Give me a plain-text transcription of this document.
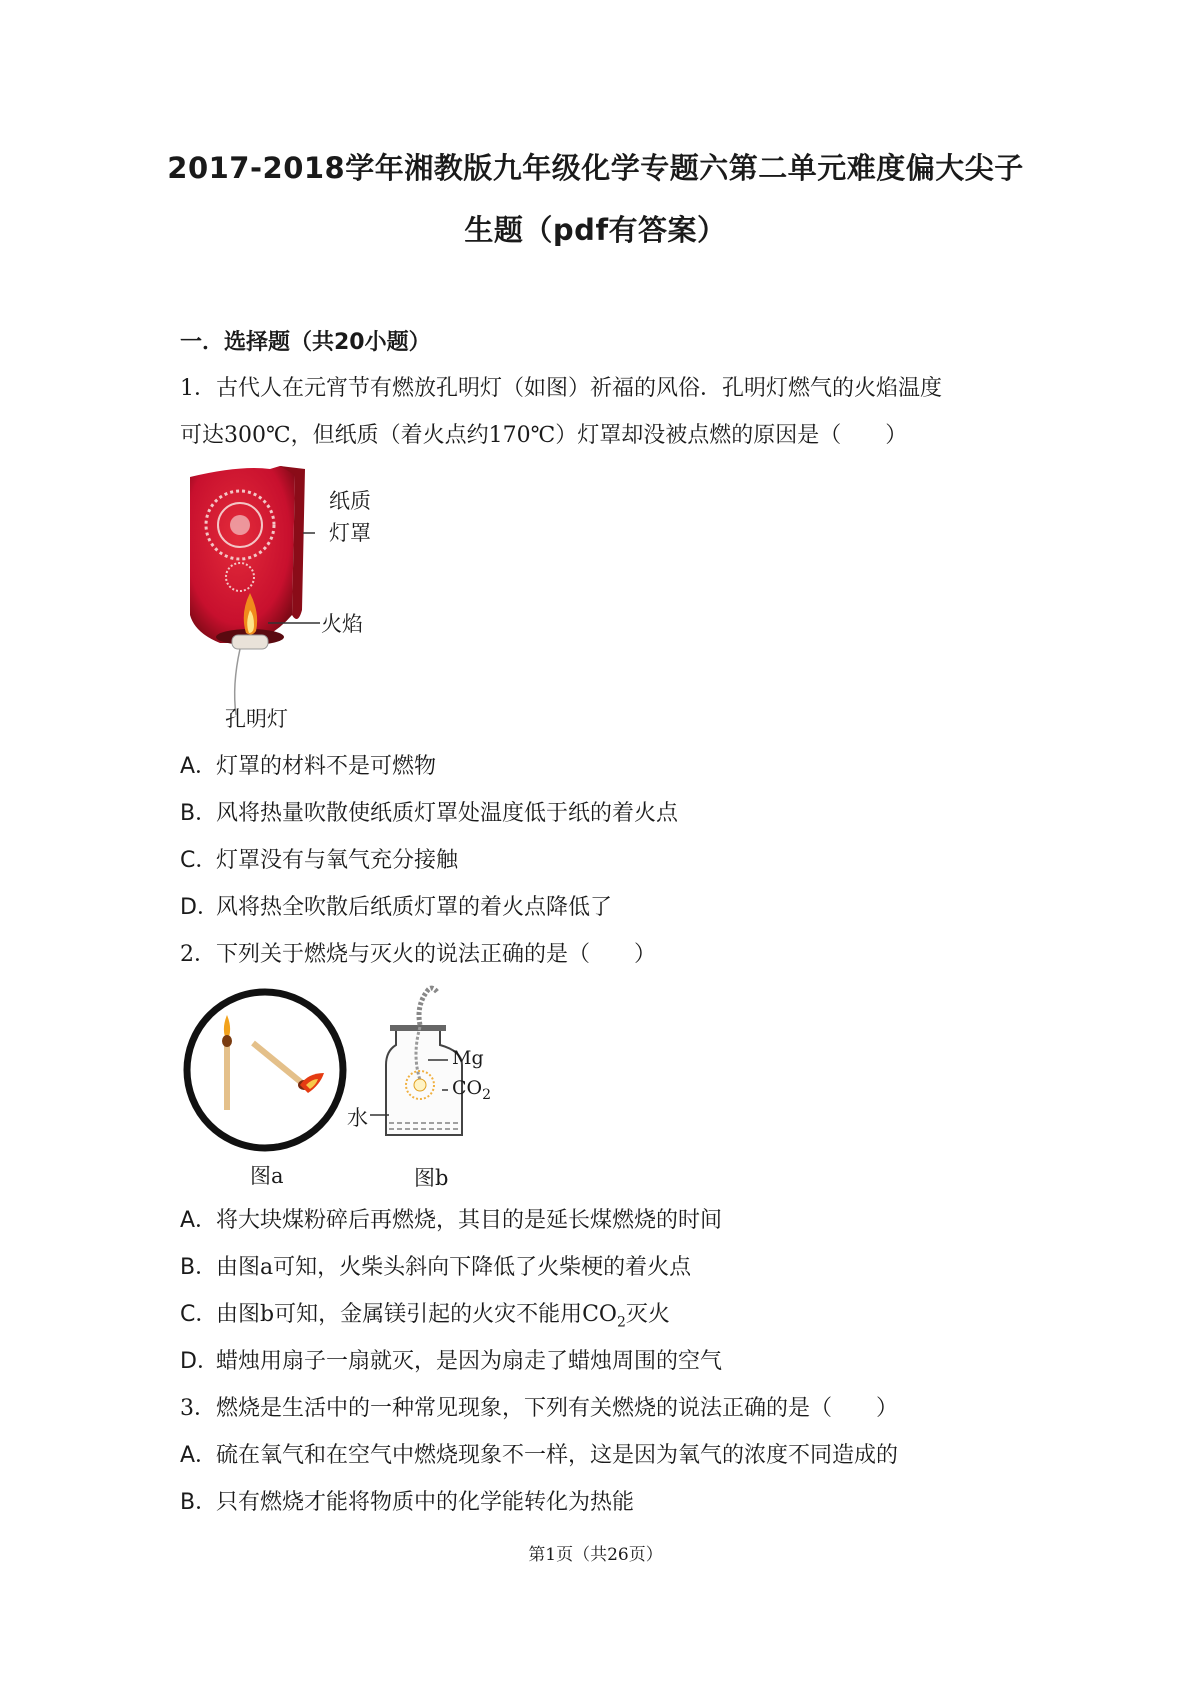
2017-2018学年湘教版九年级化学专题六第二单元难度偏大尖子
生题（pdf有答案）
一．选择题（共20小题）
1．古代人在元宵节有燃放孔明灯（如图）祈福的风俗．孔明灯燃气的火焰温度
可达300℃，但纸质（着火点约170℃）灯罩却没被点燃的原因是（　　）
纸质
灯罩
火焰
孔明灯
A．灯罩的材料不是可燃物
B．风将热量吹散使纸质灯罩处温度低于纸的着火点
C．灯罩没有与氧气充分接触
D．风将热全吹散后纸质灯罩的着火点降低了
2．下列关于燃烧与灭火的说法正确的是（　　）
Mg
$CO_2$
水
图a	图b
A．将大块煤粉碎后再燃烧，其目的是延长煤燃烧的时间
B．由图a可知，火柴头斜向下降低了火柴梗的着火点
C．由图b可知，金属镁引起的火灾不能用$CO_2$灭火
D．蜡烛用扇子一扇就灭，是因为扇走了蜡烛周围的空气
3．燃烧是生活中的一种常见现象，下列有关燃烧的说法正确的是（　　）
A．硫在氧气和在空气中燃烧现象不一样，这是因为氧气的浓度不同造成的
B．只有燃烧才能将物质中的化学能转化为热能
第1页（共26页）
